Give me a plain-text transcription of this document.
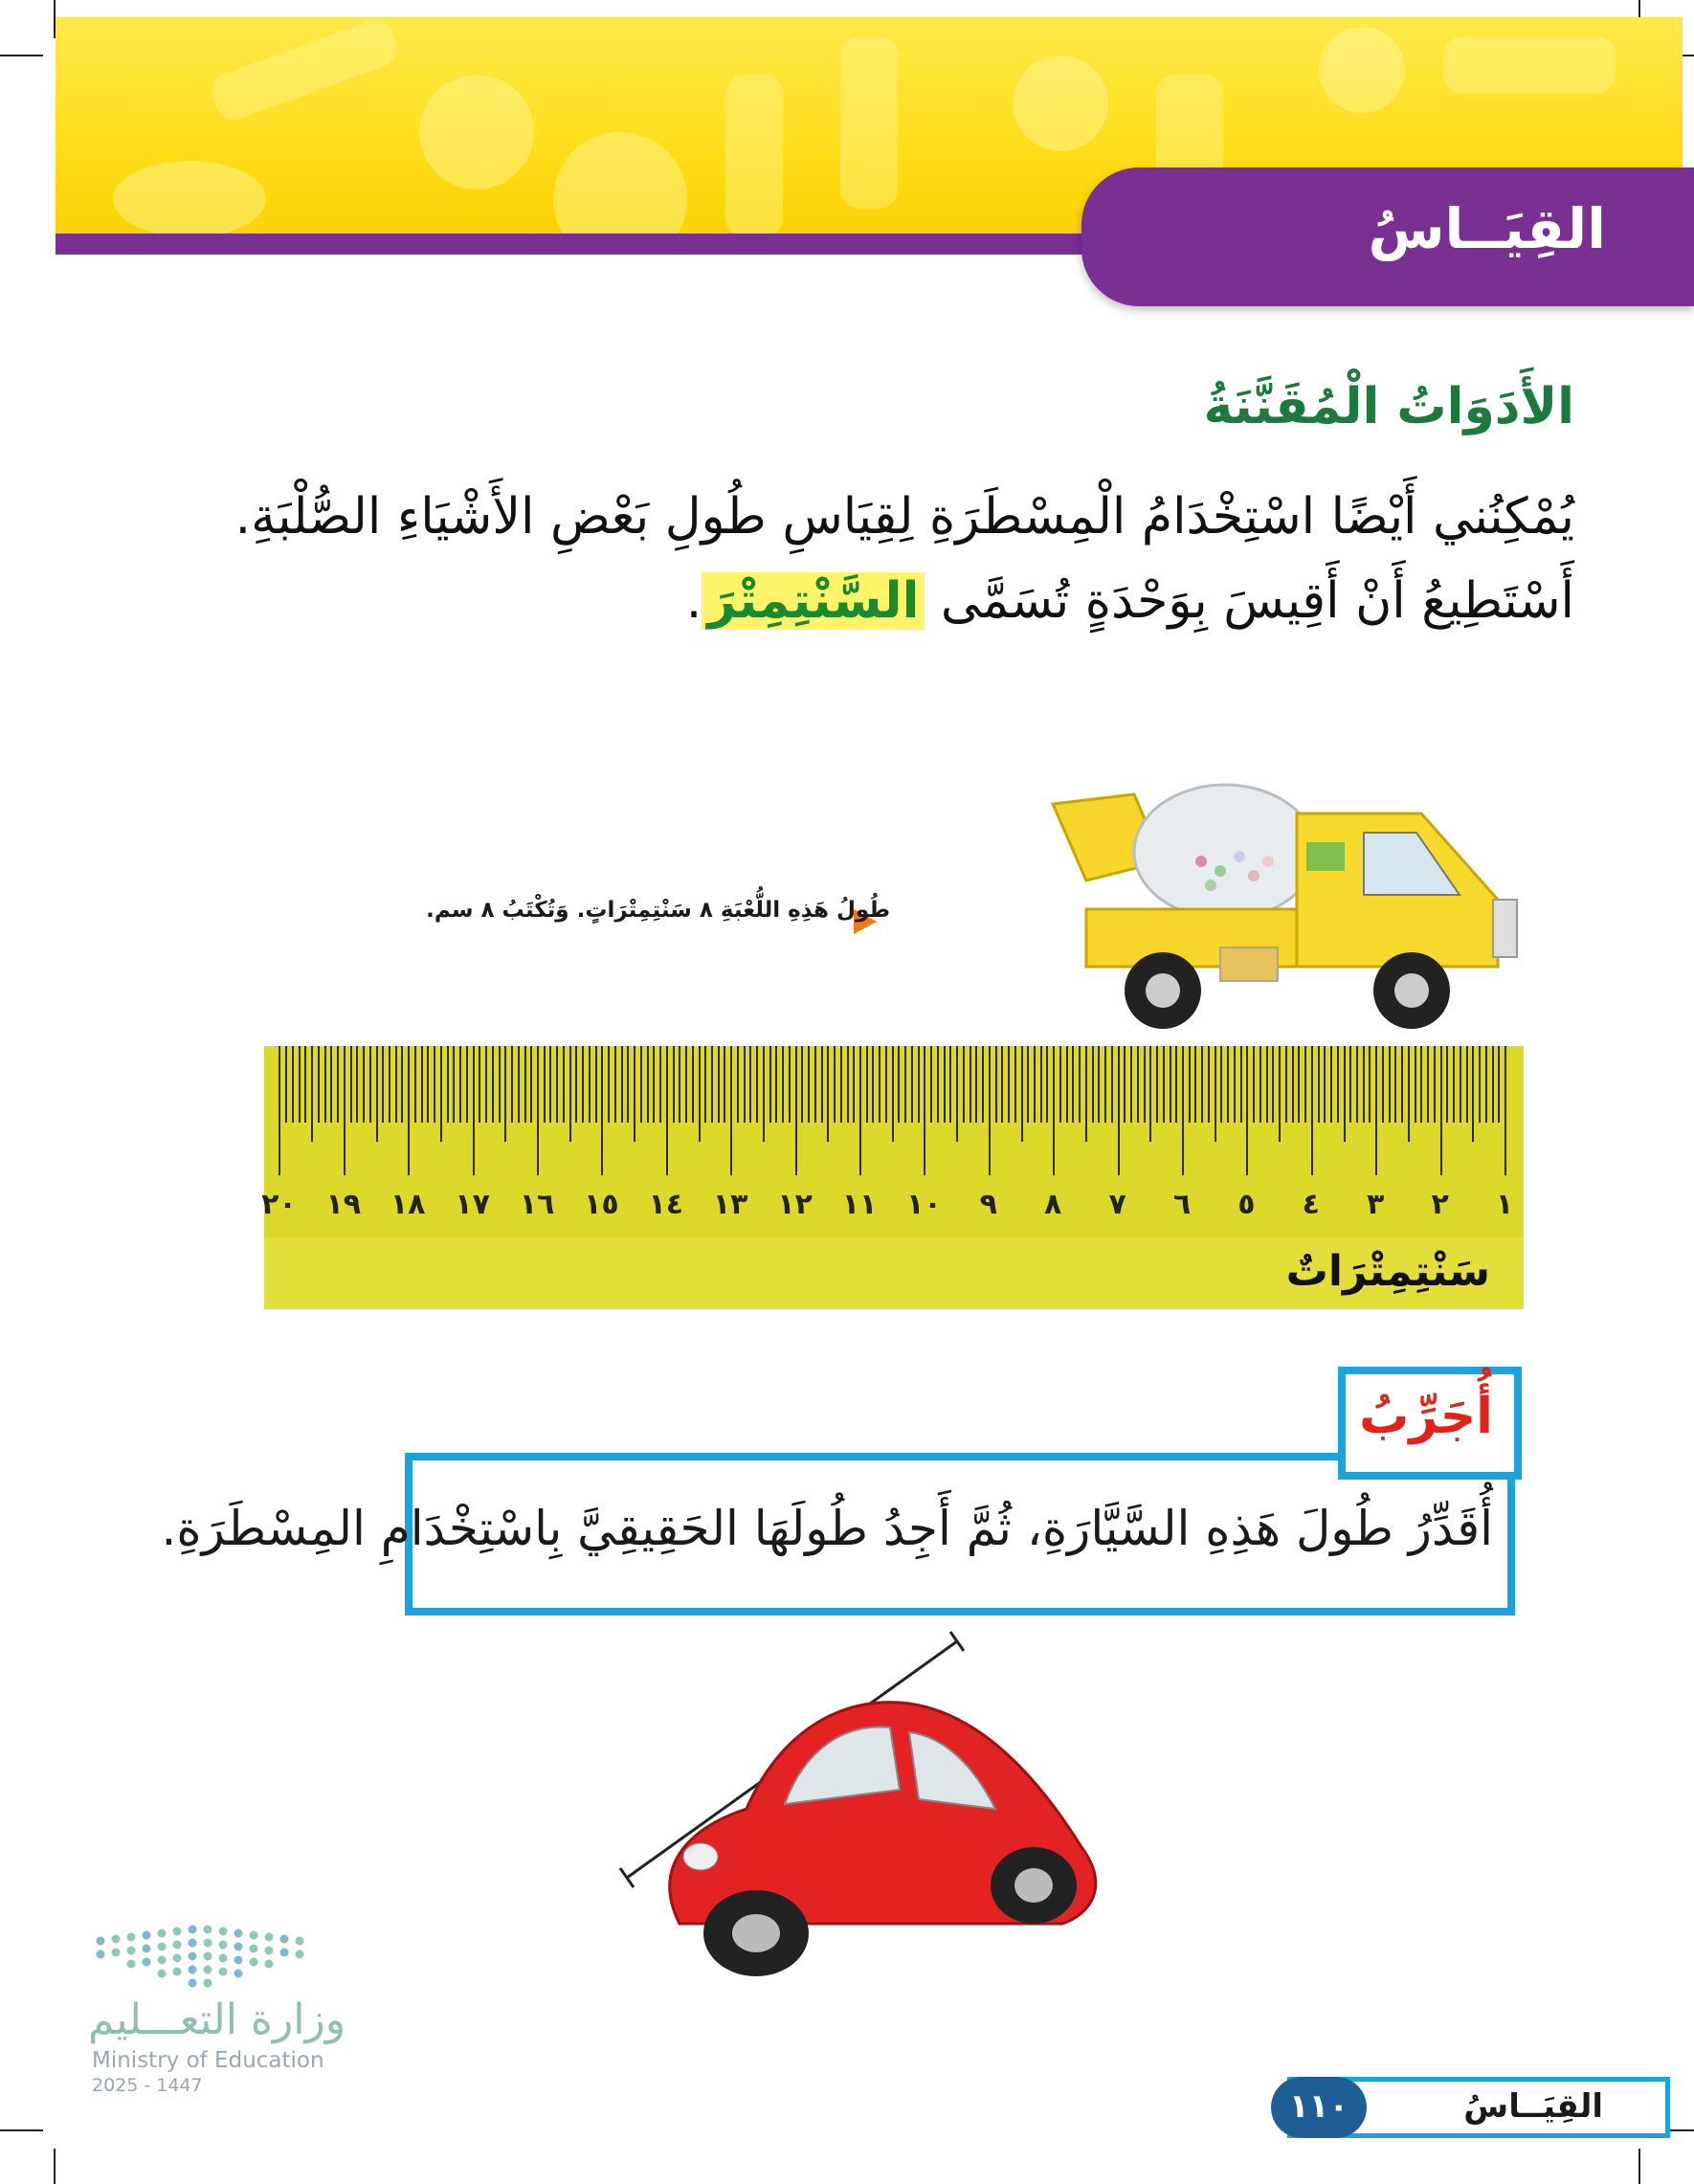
القِيَــاسُ
الأَدَوَاتُ الْمُقَنَّنَةُ
يُمْكِنُني أَيْضًا اسْتِخْدَامُ الْمِسْطَرَةِ لِقِيَاسِ طُولِ بَعْضِ الأَشْيَاءِ الصُّلْبَةِ.
أَسْتَطِيعُ أَنْ أَقِيسَ بِوَحْدَةٍ تُسَمَّى السَّنْتِمِتْرَ.
طُولُ هَذِهِ اللُّعْبَةِ ٨ سَنْتِمِتْرَاتٍ. وَتُكْتَبُ ٨ سم.
١
٢
٣
٤
٥
٦
٧
٨
٩
١٠
١١
١٢
١٣
١٤
١٥
١٦
١٧
١٨
١٩
٢٠
سَنْتِمِتْرَاتٌ
أُجَرِّبُ
أُقَدِّرُ طُولَ هَذِهِ السَّيَّارَةِ، ثُمَّ أَجِدُ طُولَهَا الحَقِيقِيَّ بِاسْتِخْدَامِ المِسْطَرَةِ.
وزارة التعـــليم
Ministry of Education
2025 - 1447
القِيَــاسُ
١١٠
